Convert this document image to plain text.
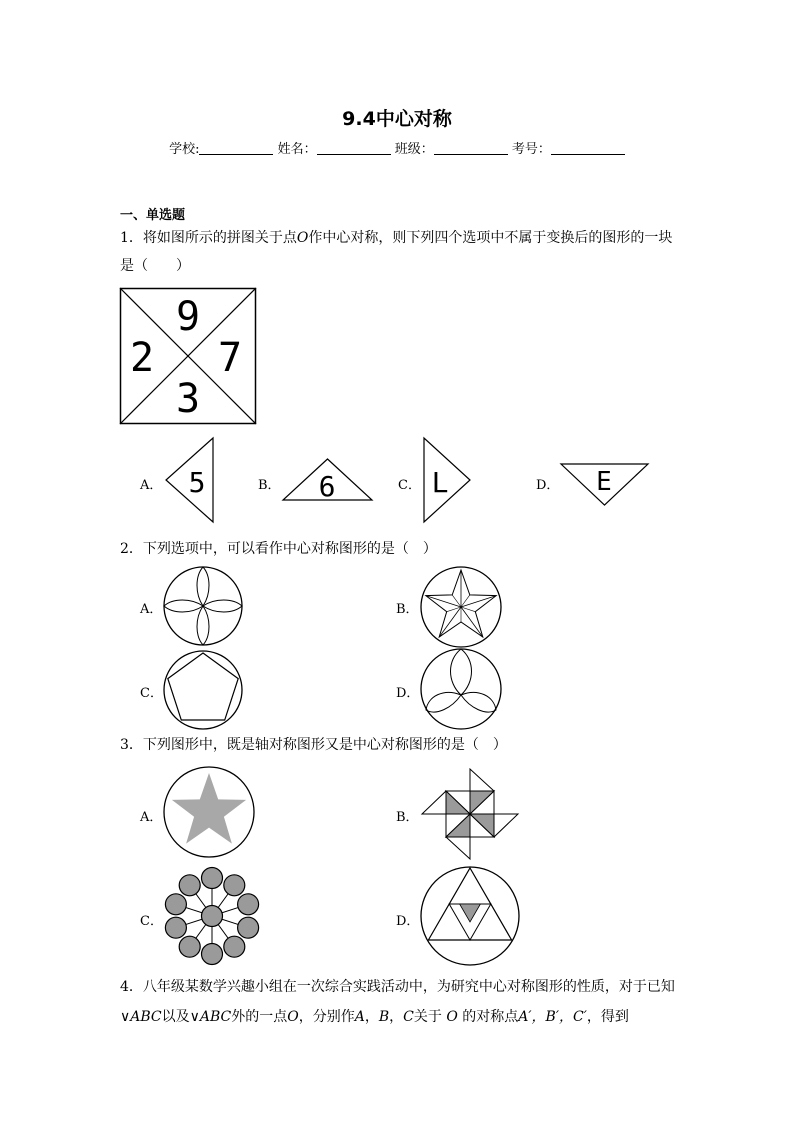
9.4中心对称
学校:	姓名：	班级：	考号：
一、单选题
1．将如图所示的拼图关于点O作中心对称，则下列四个选项中不属于变换后的图形的一块
是（　　）
9
7
3
2
A． 5	B． 6	C． L	D． E
2．下列选项中，可以看作中心对称图形的是（　）
A．	B．
C．	D．
3．下列图形中，既是轴对称图形又是中心对称图形的是（　）
A．	B．
C．	D．
4．八年级某数学兴趣小组在一次综合实践活动中，为研究中心对称图形的性质，对于已知
∨ABC以及∨ABC外的一点O，分别作A，B，C关于 O 的对称点A′，B′，C′，得到
